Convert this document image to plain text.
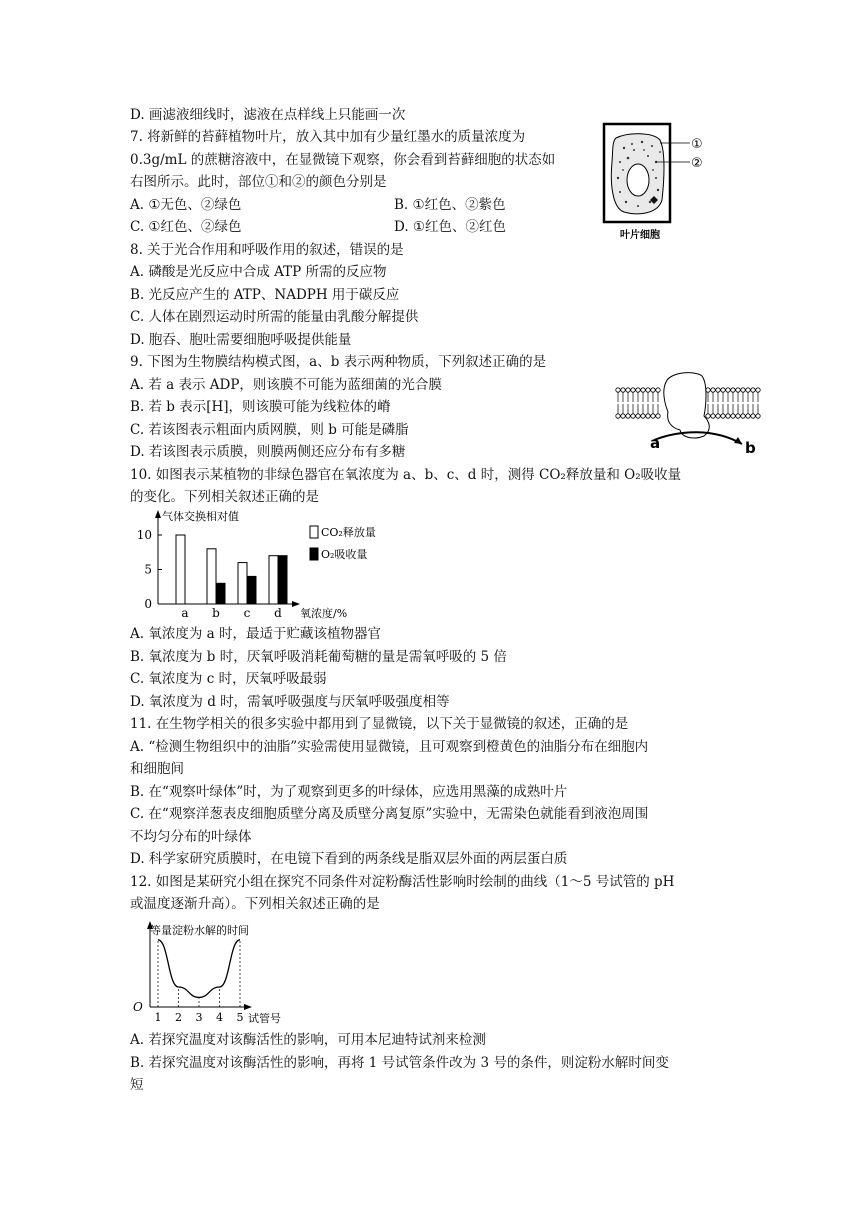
D. 画滤液细线时，滤液在点样线上只能画一次
7. 将新鲜的苔藓植物叶片，放入其中加有少量红墨水的质量浓度为
0.3g/mL 的蔗糖溶液中，在显微镜下观察，你会看到苔藓细胞的状态如
右图所示。此时，部位①和②的颜色分别是
A. ①无色、②绿色	B. ①红色、②紫色
C. ①红色、②绿色	D. ①红色、②红色
8. 关于光合作用和呼吸作用的叙述，错误的是
A. 磷酸是光反应中合成 ATP 所需的反应物
B. 光反应产生的 ATP、NADPH 用于碳反应
C. 人体在剧烈运动时所需的能量由乳酸分解提供
D. 胞吞、胞吐需要细胞呼吸提供能量
9. 下图为生物膜结构模式图，a、b 表示两种物质，下列叙述正确的是
A. 若 a 表示 ADP，则该膜不可能为蓝细菌的光合膜
B. 若 b 表示[H]，则该膜可能为线粒体的嵴
C. 若该图表示粗面内质网膜，则 b 可能是磷脂
D. 若该图表示质膜，则膜两侧还应分布有多糖
10. 如图表示某植物的非绿色器官在氧浓度为 a、b、c、d 时，测得 CO₂释放量和 O₂吸收量
的变化。下列相关叙述正确的是
A. 氧浓度为 a 时，最适于贮藏该植物器官
B. 氧浓度为 b 时，厌氧呼吸消耗葡萄糖的量是需氧呼吸的 5 倍
C. 氧浓度为 c 时，厌氧呼吸最弱
D. 氧浓度为 d 时，需氧呼吸强度与厌氧呼吸强度相等
11. 在生物学相关的很多实验中都用到了显微镜，以下关于显微镜的叙述，正确的是
A. “检测生物组织中的油脂”实验需使用显微镜，且可观察到橙黄色的油脂分布在细胞内
和细胞间
B. 在“观察叶绿体”时，为了观察到更多的叶绿体，应选用黑藻的成熟叶片
C. 在“观察洋葱表皮细胞质壁分离及质壁分离复原”实验中，无需染色就能看到液泡周围
不均匀分布的叶绿体
D. 科学家研究质膜时，在电镜下看到的两条线是脂双层外面的两层蛋白质
12. 如图是某研究小组在探究不同条件对淀粉酶活性影响时绘制的曲线（1～5 号试管的 pH
或温度逐渐升高）。下列相关叙述正确的是
A. 若探究温度对该酶活性的影响，可用本尼迪特试剂来检测
B. 若探究温度对该酶活性的影响，再将 1 号试管条件改为 3 号的条件，则淀粉水解时间变
短
①
②
叶片细胞
a	b
气体交换相对值
氧浓度/%
0
5
10
a b c d
CO₂释放量
O₂吸收量
等量淀粉水解的时间
试管号
O
1 2 3 4 5
